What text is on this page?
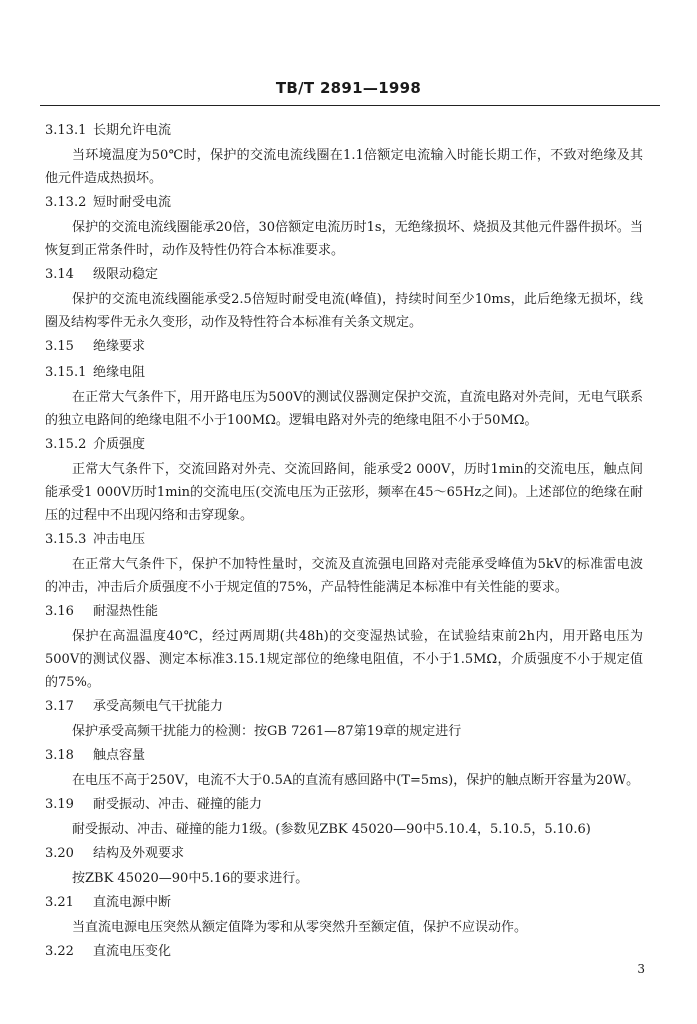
TB/T 2891—1998
3.13.1 长期允许电流

当环境温度为50℃时，保护的交流电流线圈在1.1倍额定电流输入时能长期工作，不致对绝缘及其他元件造成热损坏。

3.13.2 短时耐受电流

保护的交流电流线圈能承20倍，30倍额定电流历时1s，无绝缘损坏、烧损及其他元件器件损坏。当恢复到正常条件时，动作及特性仍符合本标准要求。

3.14 级限动稳定

保护的交流电流线圈能承受2.5倍短时耐受电流(峰值)，持续时间至少10ms，此后绝缘无损坏，线圈及结构零件无永久变形，动作及特性符合本标准有关条文规定。

3.15 绝缘要求
3.15.1 绝缘电阻

在正常大气条件下，用开路电压为500V的测试仪器测定保护交流，直流电路对外壳间，无电气联系的独立电路间的绝缘电阻不小于100MΩ。逻辑电路对外壳的绝缘电阻不小于50MΩ。

3.15.2 介质强度

正常大气条件下，交流回路对外壳、交流回路间，能承受2 000V，历时1min的交流电压，触点间能承受1 000V历时1min的交流电压(交流电压为正弦形，频率在45～65Hz之间)。上述部位的绝缘在耐压的过程中不出现闪络和击穿现象。

3.15.3 冲击电压

在正常大气条件下，保护不加特性量时，交流及直流强电回路对壳能承受峰值为5kV的标准雷电波的冲击，冲击后介质强度不小于规定值的75%，产品特性能满足本标准中有关性能的要求。

3.16 耐湿热性能

保护在高温温度40℃，经过两周期(共48h)的交变湿热试验，在试验结束前2h内，用开路电压为500V的测试仪器、测定本标准3.15.1规定部位的绝缘电阻值，不小于1.5MΩ，介质强度不小于规定值的75%。

3.17 承受高频电气干扰能力

保护承受高频干扰能力的检测：按GB 7261—87第19章的规定进行

3.18 触点容量

在电压不高于250V，电流不大于0.5A的直流有感回路中(T=5ms)，保护的触点断开容量为20W。

3.19 耐受振动、冲击、碰撞的能力

耐受振动、冲击、碰撞的能力1级。(参数见ZBK 45020—90中5.10.4，5.10.5，5.10.6)

3.20 结构及外观要求

按ZBK 45020—90中5.16的要求进行。

3.21 直流电源中断

当直流电源电压突然从额定值降为零和从零突然升至额定值，保护不应误动作。

3.22 直流电压变化
3
